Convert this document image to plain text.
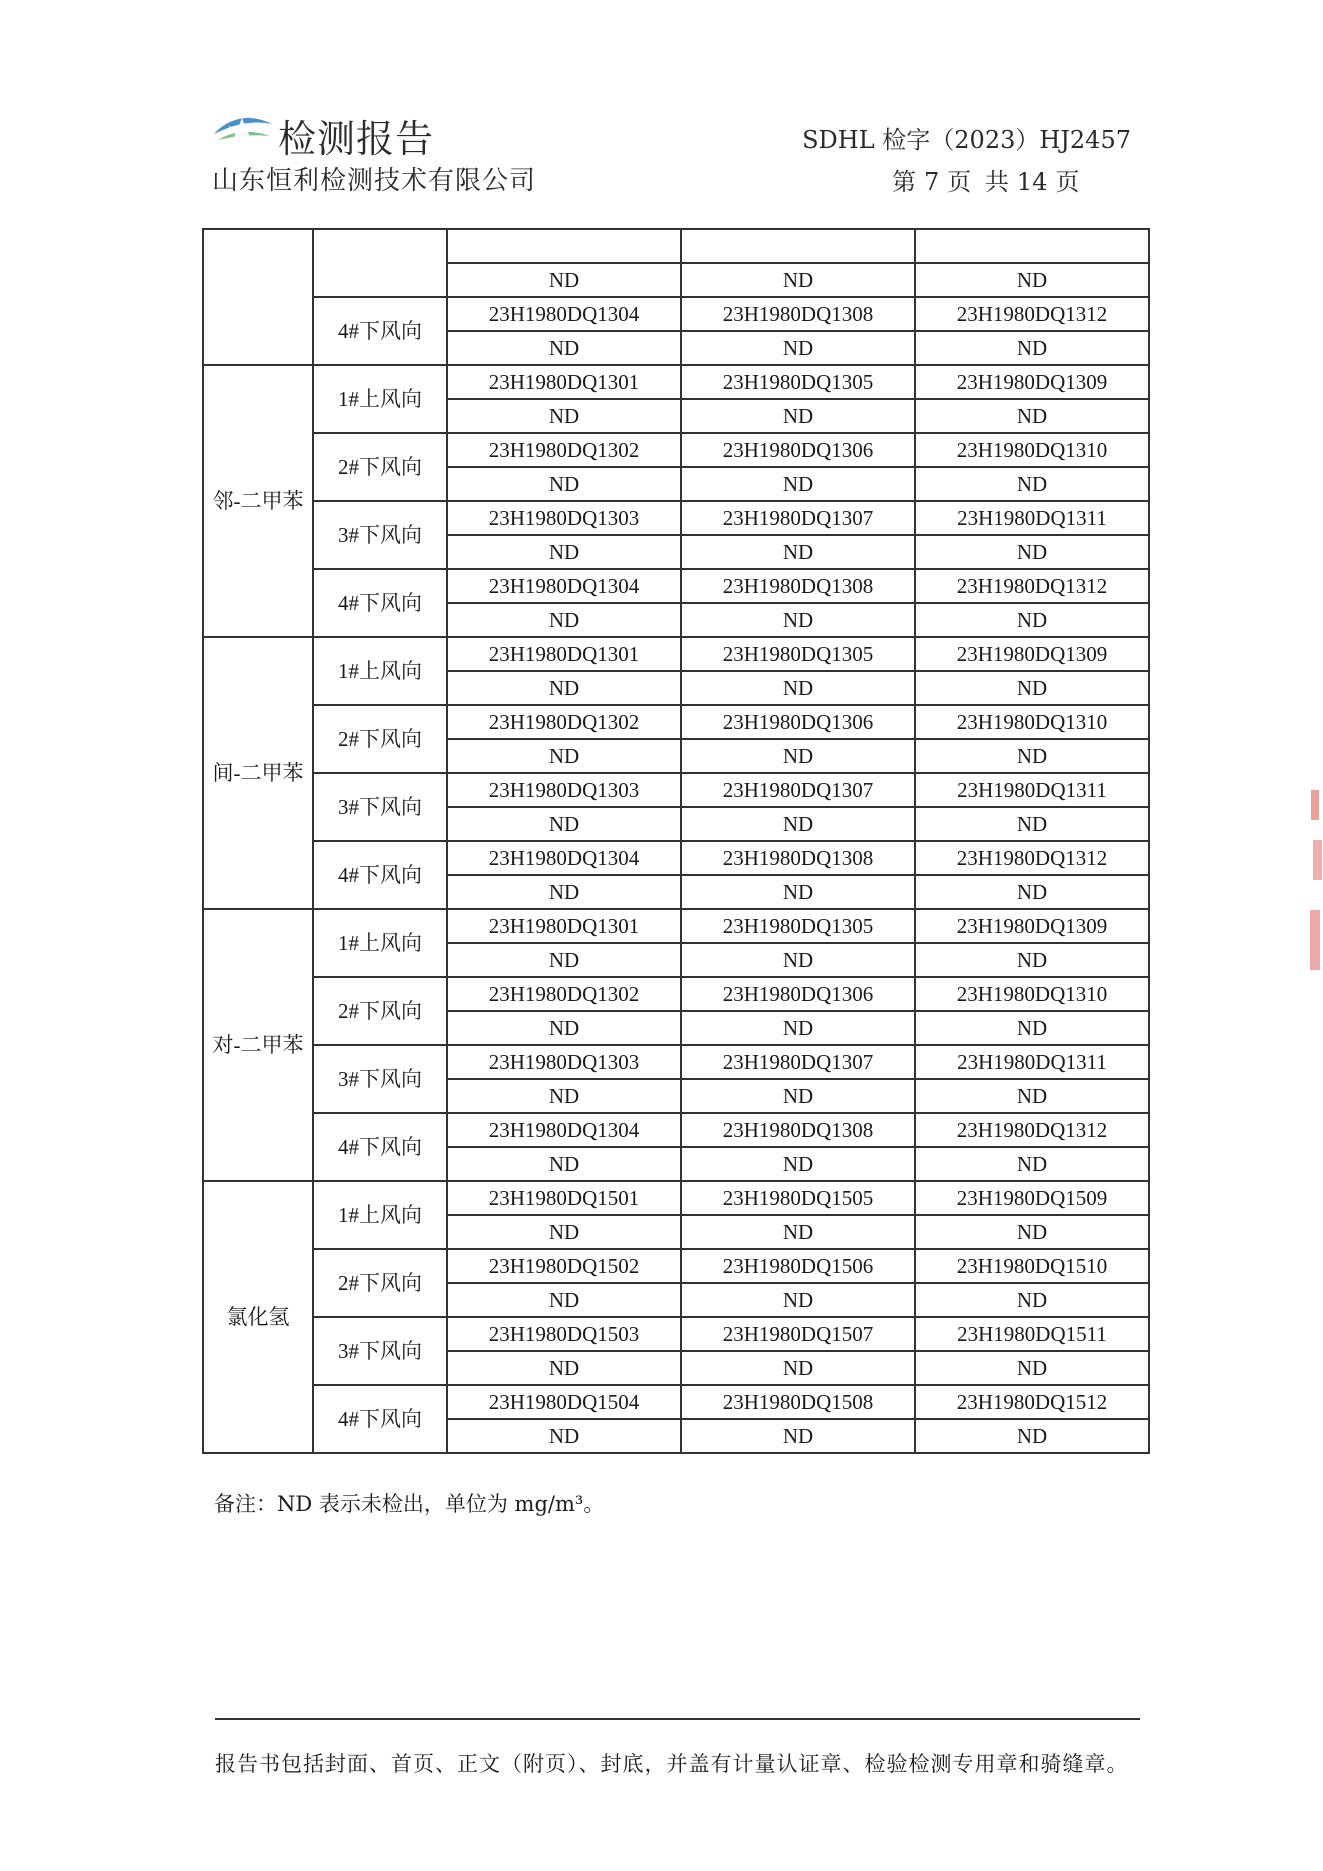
检测报告
山东恒利检测技术有限公司
SDHL 检字（2023）HJ2457
第 7 页 共 14 页

		ND	ND	ND
	4#下风向	23H1980DQ1304	23H1980DQ1308	23H1980DQ1312
		ND	ND	ND
邻-二甲苯	1#上风向	23H1980DQ1301	23H1980DQ1305	23H1980DQ1309
		ND	ND	ND
	2#下风向	23H1980DQ1302	23H1980DQ1306	23H1980DQ1310
		ND	ND	ND
	3#下风向	23H1980DQ1303	23H1980DQ1307	23H1980DQ1311
		ND	ND	ND
	4#下风向	23H1980DQ1304	23H1980DQ1308	23H1980DQ1312
		ND	ND	ND
间-二甲苯	1#上风向	23H1980DQ1301	23H1980DQ1305	23H1980DQ1309
		ND	ND	ND
	2#下风向	23H1980DQ1302	23H1980DQ1306	23H1980DQ1310
		ND	ND	ND
	3#下风向	23H1980DQ1303	23H1980DQ1307	23H1980DQ1311
		ND	ND	ND
	4#下风向	23H1980DQ1304	23H1980DQ1308	23H1980DQ1312
		ND	ND	ND
对-二甲苯	1#上风向	23H1980DQ1301	23H1980DQ1305	23H1980DQ1309
		ND	ND	ND
	2#下风向	23H1980DQ1302	23H1980DQ1306	23H1980DQ1310
		ND	ND	ND
	3#下风向	23H1980DQ1303	23H1980DQ1307	23H1980DQ1311
		ND	ND	ND
	4#下风向	23H1980DQ1304	23H1980DQ1308	23H1980DQ1312
		ND	ND	ND
氯化氢	1#上风向	23H1980DQ1501	23H1980DQ1505	23H1980DQ1509
		ND	ND	ND
	2#下风向	23H1980DQ1502	23H1980DQ1506	23H1980DQ1510
		ND	ND	ND
	3#下风向	23H1980DQ1503	23H1980DQ1507	23H1980DQ1511
		ND	ND	ND
	4#下风向	23H1980DQ1504	23H1980DQ1508	23H1980DQ1512
		ND	ND	ND
备注：ND 表示未检出，单位为 mg/m³。
报告书包括封面、首页、正文（附页）、封底，并盖有计量认证章、检验检测专用章和骑缝章。
